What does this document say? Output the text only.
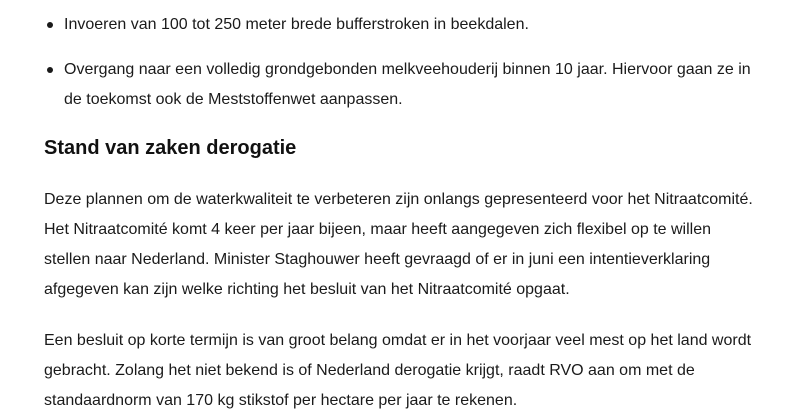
Invoeren van 100 tot 250 meter brede bufferstroken in beekdalen.
Overgang naar een volledig grondgebonden melkveehouderij binnen 10 jaar. Hiervoor gaan ze in de toekomst ook de Meststoffenwet aanpassen.
Stand van zaken derogatie

Deze plannen om de waterkwaliteit te verbeteren zijn onlangs gepresenteerd voor het Nitraatcomité. Het Nitraatcomité komt 4 keer per jaar bijeen, maar heeft aangegeven zich flexibel op te willen stellen naar Nederland. Minister Staghouwer heeft gevraagd of er in juni een intentieverklaring afgegeven kan zijn welke richting het besluit van het Nitraatcomité opgaat.

Een besluit op korte termijn is van groot belang omdat er in het voorjaar veel mest op het land wordt gebracht. Zolang het niet bekend is of Nederland derogatie krijgt, raadt RVO aan om met de standaardnorm van 170 kg stikstof per hectare per jaar te rekenen.
